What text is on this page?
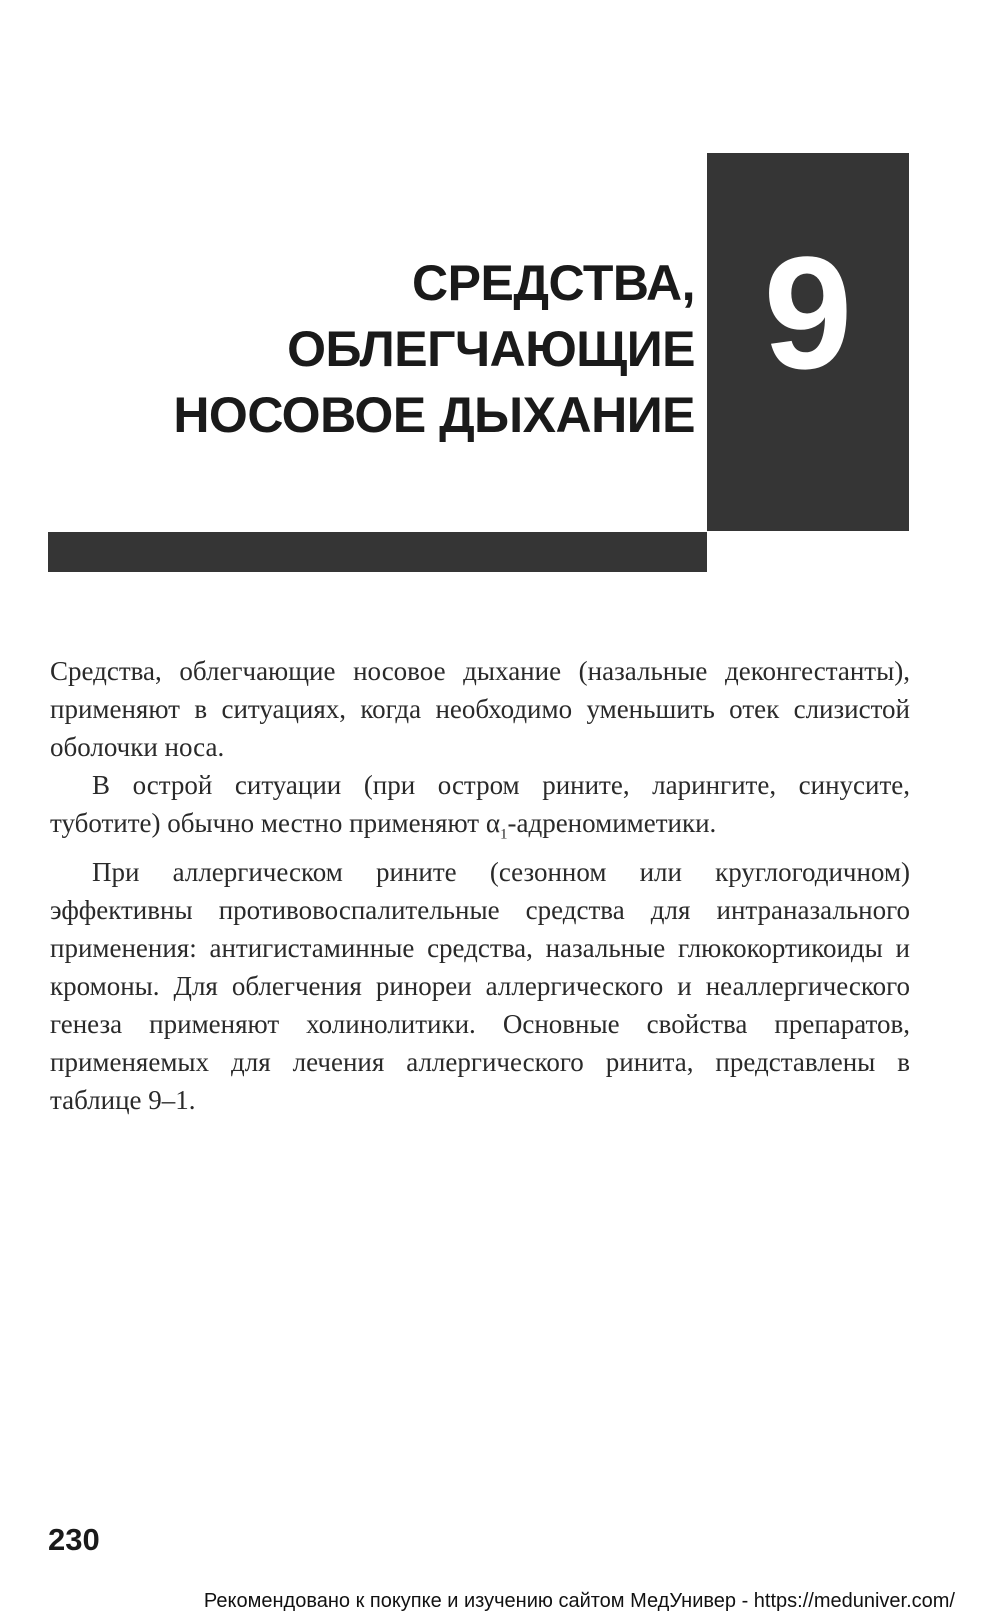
9
СРЕДСТВА,
ОБЛЕГЧАЮЩИЕ
НОСОВОЕ ДЫХАНИЕ

Средства, облегчающие носовое дыхание (назальные деконгестанты), применяют в ситуациях, когда необходимо уменьшить отек слизистой оболочки носа.

В острой ситуации (при остром рините, ларингите, синусите, туботите) обычно местно применяют $\alpha_1$-адреномиметики.

При аллергическом рините (сезонном или круглогодичном) эффективны противовоспалительные средства для интраназального применения: антигистаминные средства, назальные глюкокортикоиды и кромоны. Для облегчения ринореи аллергического и неаллергического генеза применяют холинолитики. Основные свойства препаратов, применяемых для лечения аллергического ринита, представлены в таблице 9–1.

230
Рекомендовано к покупке и изучению сайтом МедУнивер - https://meduniver.com/
